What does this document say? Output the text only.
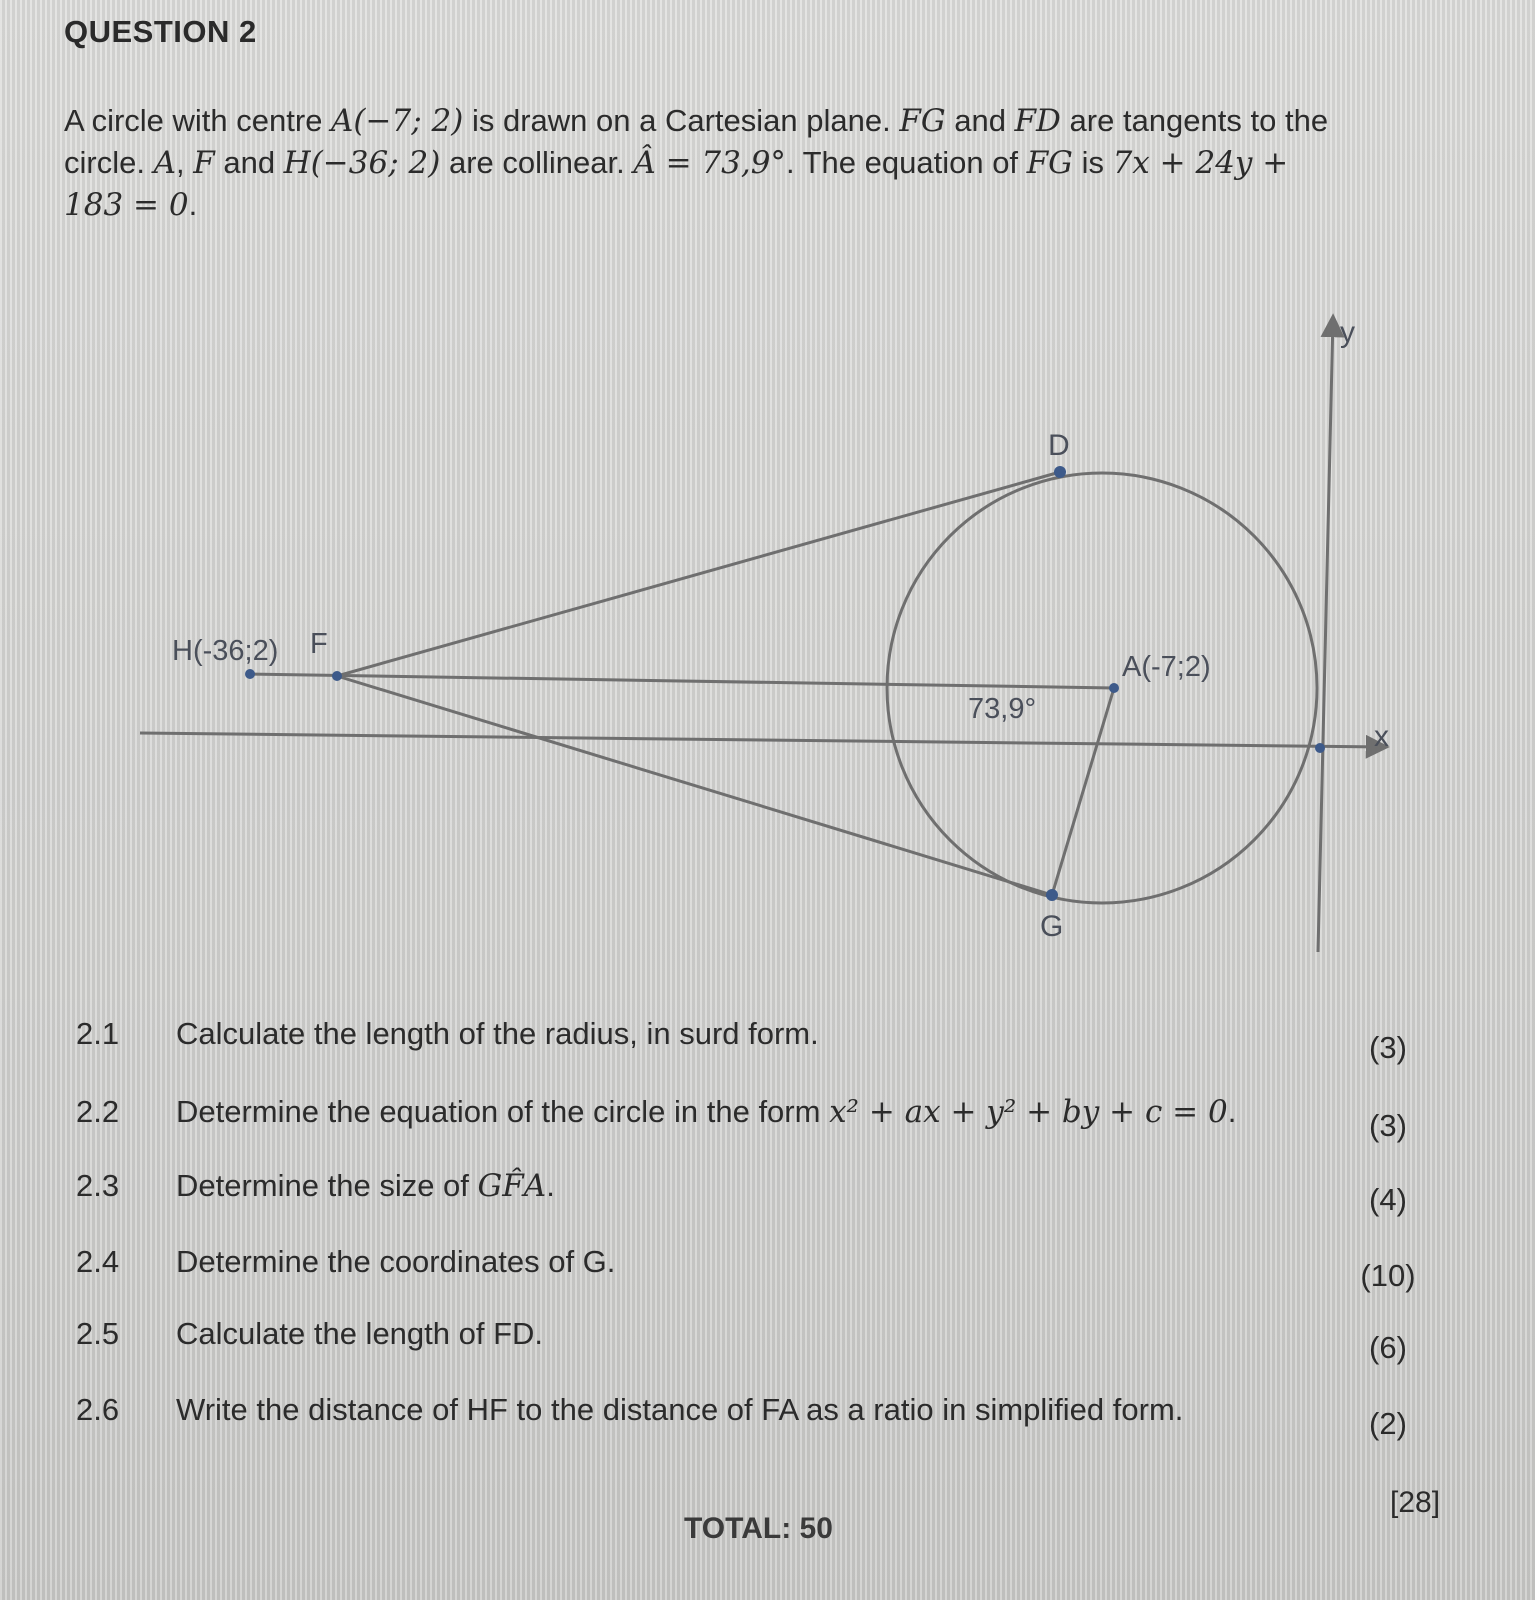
QUESTION 2
A circle with centre A(−7; 2) is drawn on a Cartesian plane. FG and FD are tangents to the circle. A, F and H(−36; 2) are collinear. Â = 73,9°. The equation of FG is 7x + 24y + 183 = 0.
y
x
D
G
H(-36;2) F
A(-7;2)
73,9°
2.1 Calculate the length of the radius, in surd form.	(3)
2.2 Determine the equation of the circle in the form x² + ax + y² + by + c = 0.	(3)
2.3 Determine the size of GF̂A.	(4)
2.4 Determine the coordinates of G.	(10)
2.5 Calculate the length of FD.	(6)
2.6 Write the distance of HF to the distance of FA as a ratio in simplified form.	(2)
[28]
TOTAL: 50
